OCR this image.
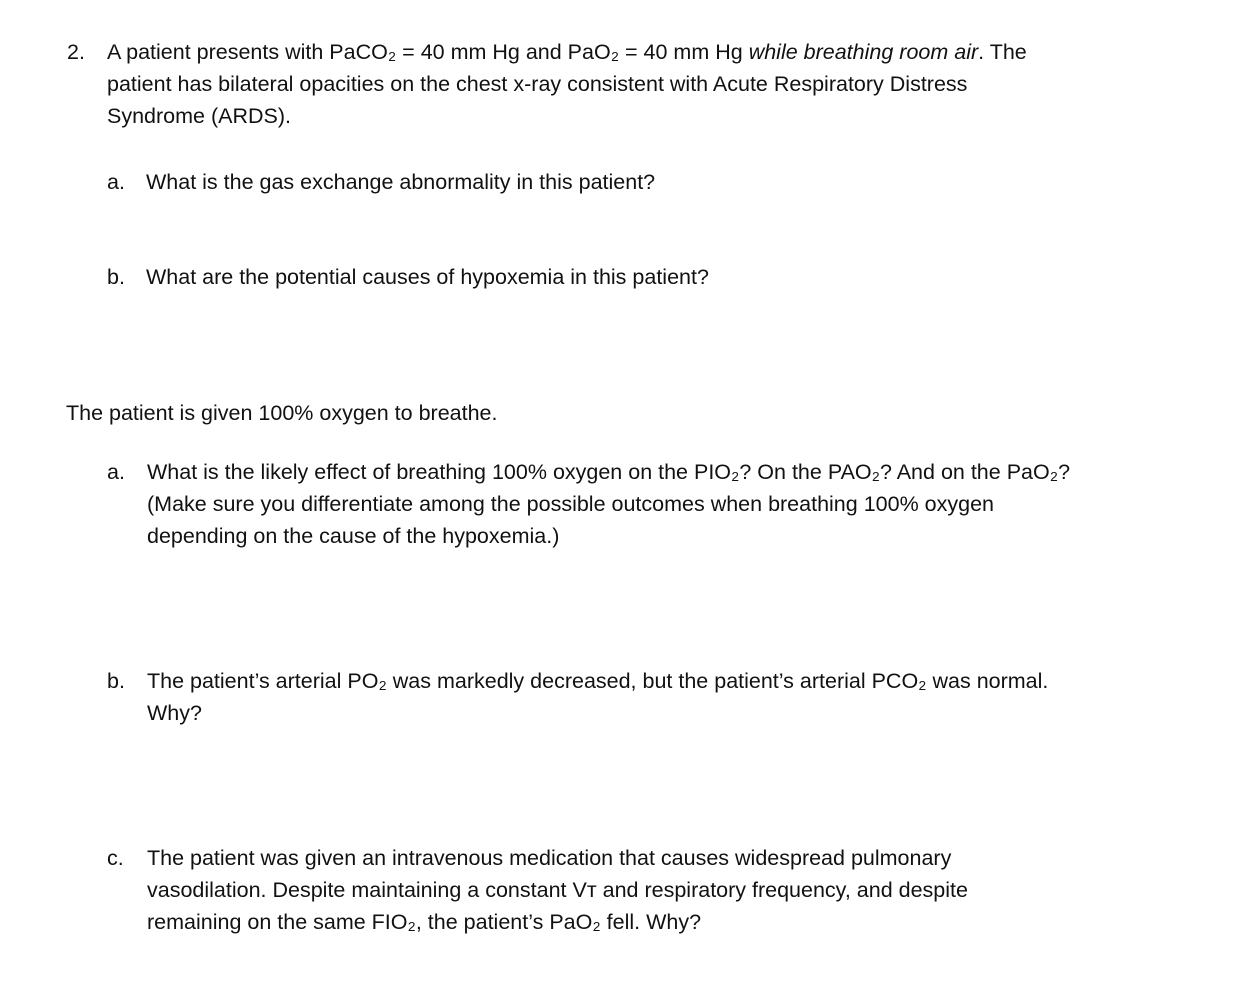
2. A patient presents with PaCO₂ = 40 mm Hg and PaO₂ = 40 mm Hg while breathing room air. The
patient has bilateral opacities on the chest x-ray consistent with Acute Respiratory Distress
Syndrome (ARDS).
a. What is the gas exchange abnormality in this patient?
b. What are the potential causes of hypoxemia in this patient?
The patient is given 100% oxygen to breathe.
a. What is the likely effect of breathing 100% oxygen on the PIO₂? On the PAO₂? And on the PaO₂?
(Make sure you differentiate among the possible outcomes when breathing 100% oxygen
depending on the cause of the hypoxemia.)
b. The patient’s arterial PO₂ was markedly decreased, but the patient’s arterial PCO₂ was normal.
Why?
c. The patient was given an intravenous medication that causes widespread pulmonary
vasodilation. Despite maintaining a constant Vᴛ and respiratory frequency, and despite
remaining on the same FIO₂, the patient’s PaO₂ fell. Why?
